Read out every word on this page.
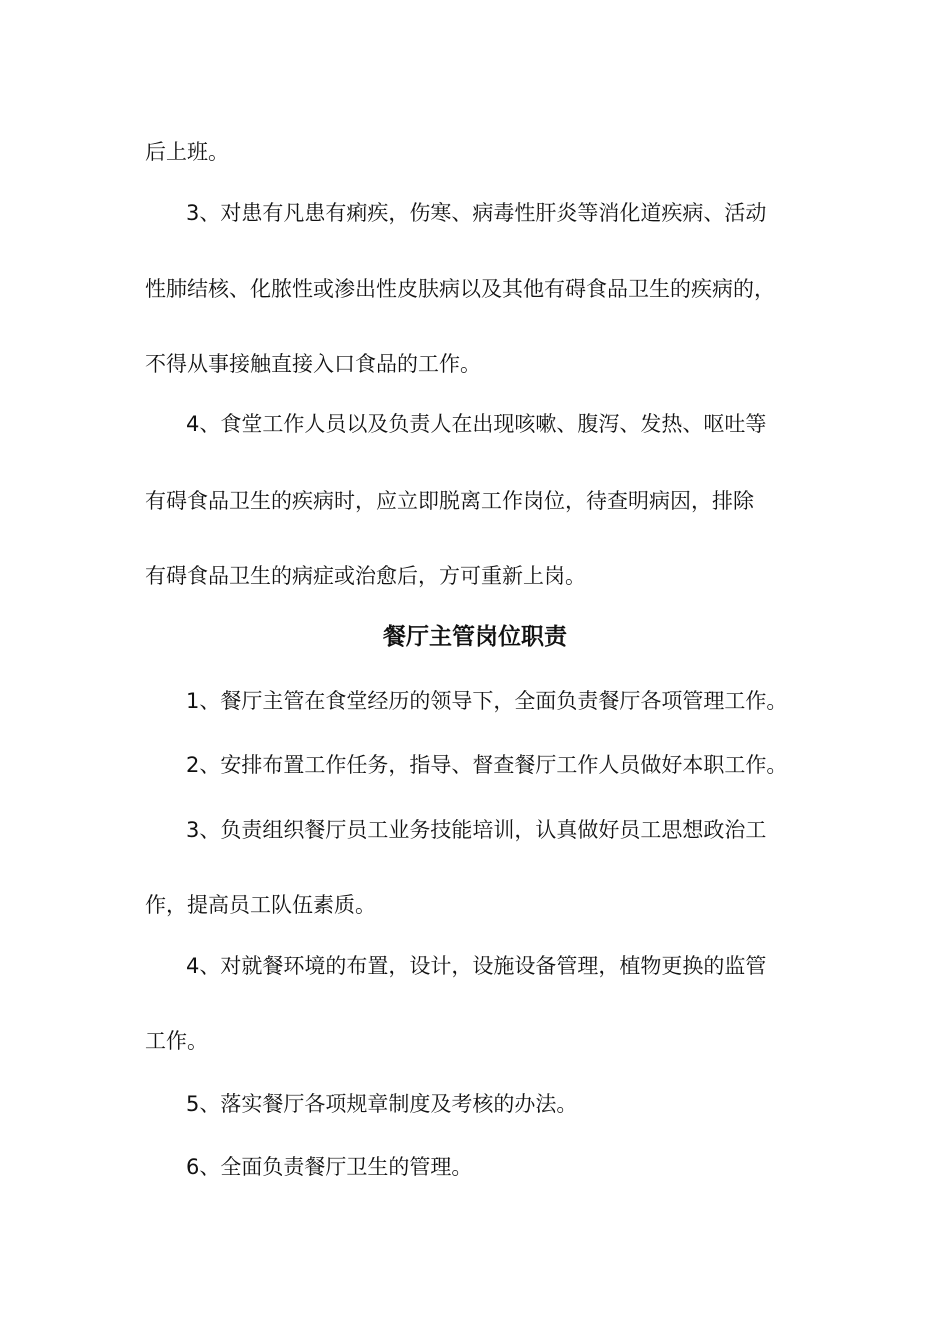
后上班。
3、对患有凡患有痢疾，伤寒、病毒性肝炎等消化道疾病、活动
性肺结核、化脓性或渗出性皮肤病以及其他有碍食品卫生的疾病的，
不得从事接触直接入口食品的工作。
4、食堂工作人员以及负责人在出现咳嗽、腹泻、发热、呕吐等
有碍食品卫生的疾病时，应立即脱离工作岗位，待查明病因，排除
有碍食品卫生的病症或治愈后，方可重新上岗。
餐厅主管岗位职责
1、餐厅主管在食堂经历的领导下，全面负责餐厅各项管理工作。
2、安排布置工作任务，指导、督查餐厅工作人员做好本职工作。
3、负责组织餐厅员工业务技能培训，认真做好员工思想政治工
作，提高员工队伍素质。
4、对就餐环境的布置，设计，设施设备管理，植物更换的监管
工作。
5、落实餐厅各项规章制度及考核的办法。
6、全面负责餐厅卫生的管理。
